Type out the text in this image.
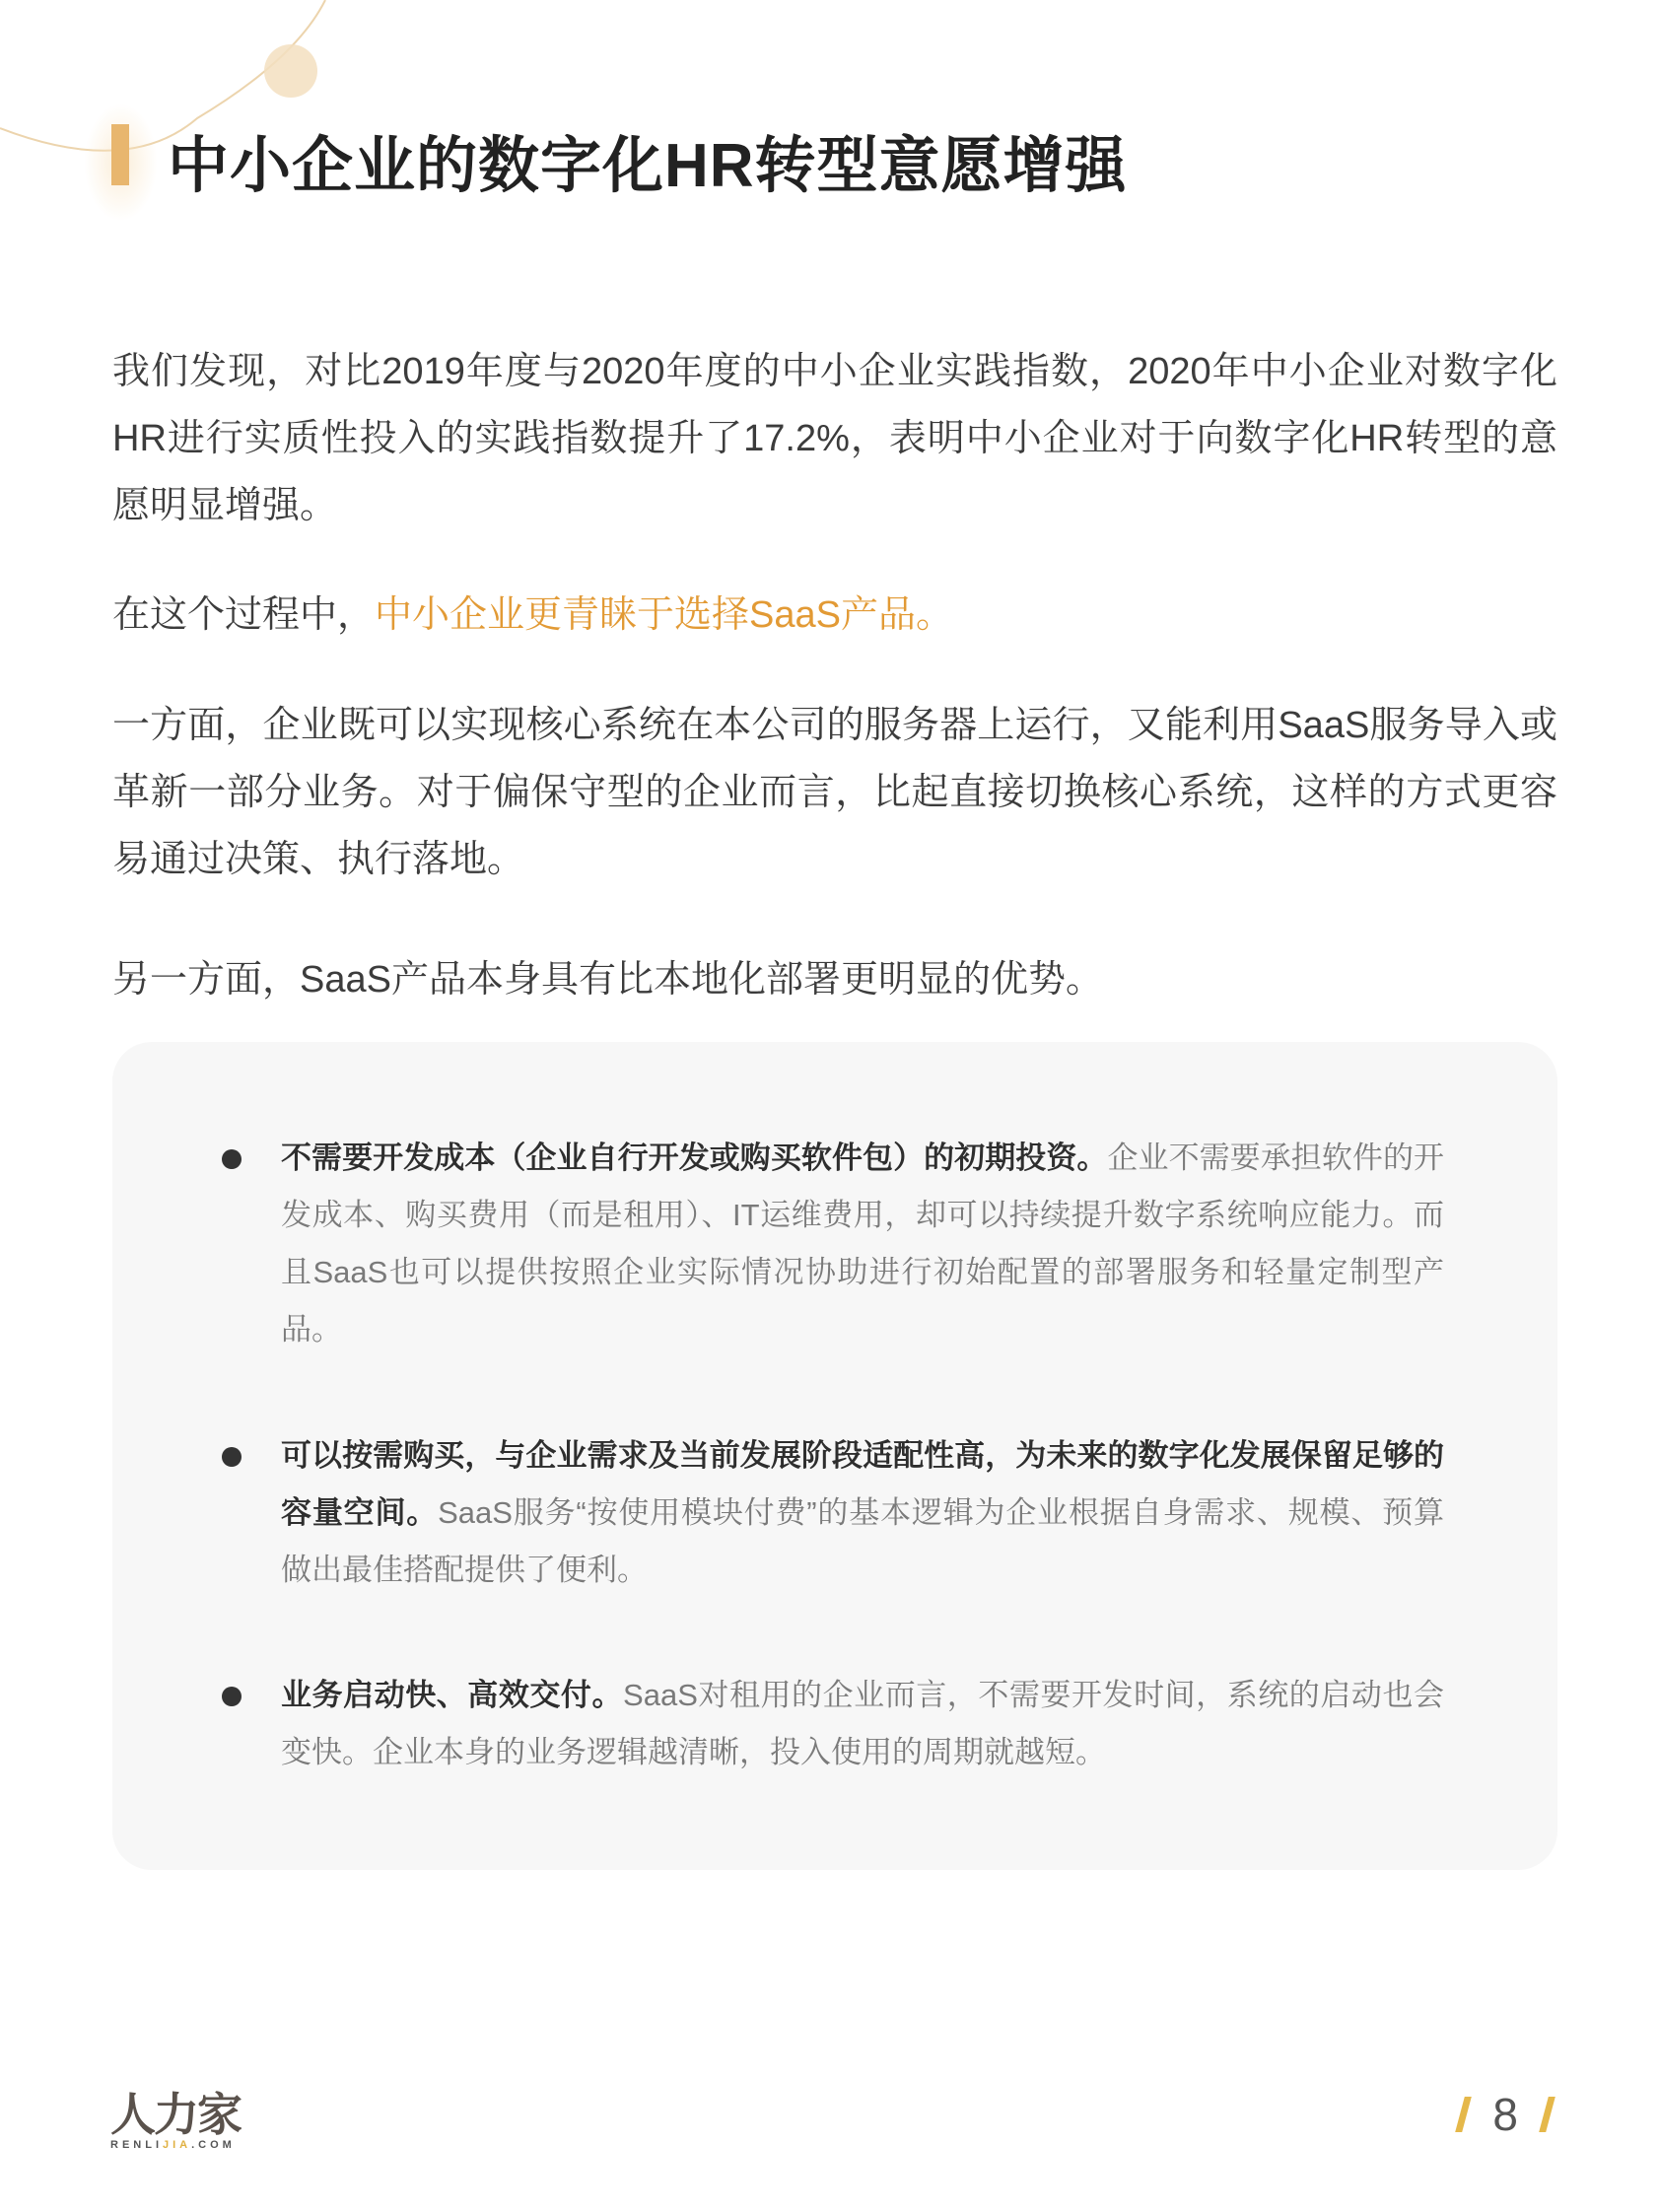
中小企业的数字化HR转型意愿增强
我们发现，对比2019年度与2020年度的中小企业实践指数，2020年中小企业对数字化HR进行实质性投入的实践指数提升了17.2%，表明中小企业对于向数字化HR转型的意愿明显增强。
在这个过程中，中小企业更青睐于选择SaaS产品。
一方面，企业既可以实现核心系统在本公司的服务器上运行，又能利用SaaS服务导入或革新一部分业务。对于偏保守型的企业而言，比起直接切换核心系统，这样的方式更容易通过决策、执行落地。
另一方面，SaaS产品本身具有比本地化部署更明显的优势。
不需要开发成本（企业自行开发或购买软件包）的初期投资。企业不需要承担软件的开发成本、购买费用（而是租用）、IT运维费用，却可以持续提升数字系统响应能力。而且SaaS也可以提供按照企业实际情况协助进行初始配置的部署服务和轻量定制型产品。
可以按需购买，与企业需求及当前发展阶段适配性高，为未来的数字化发展保留足够的容量空间。SaaS服务“按使用模块付费”的基本逻辑为企业根据自身需求、规模、预算做出最佳搭配提供了便利。
业务启动快、高效交付。SaaS对租用的企业而言，不需要开发时间，系统的启动也会变快。企业本身的业务逻辑越清晰，投入使用的周期就越短。
人力家
RENLIJIA.COM
8
